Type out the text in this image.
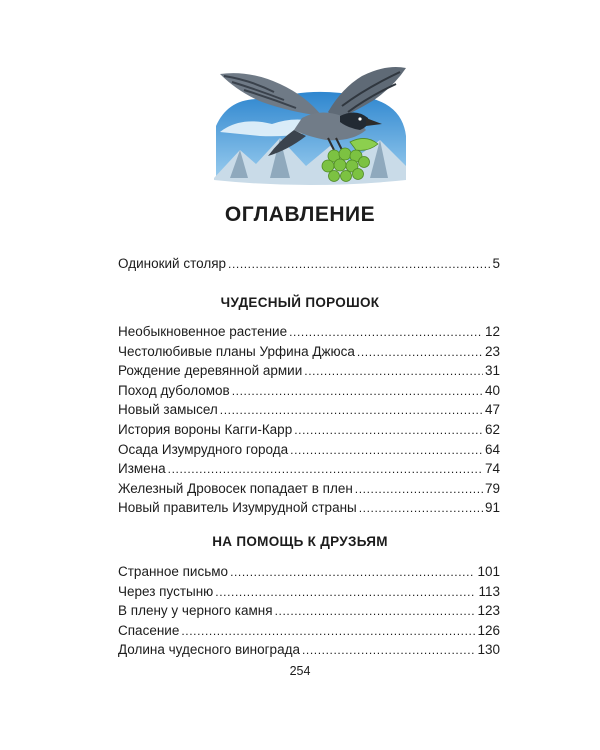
ОГЛАВЛЕНИЕ
Одинокий столяр .....	5
ЧУДЕСНЫЙ ПОРОШОК
Необыкновенное растение .....	12
Честолюбивые планы Урфина Джюса .....	23
Рождение деревянной армии .....	31
Поход дуболомов .....	40
Новый замысел .....	47
История вороны Кагги-Карр .....	62
Осада Изумрудного города .....	64
Измена .....	74
Железный Дровосек попадает в плен .....	79
Новый правитель Изумрудной страны .....	91
НА ПОМОЩЬ К ДРУЗЬЯМ
Странное письмо .....	101
Через пустыню .....	113
В плену у черного камня .....	123
Спасение .....	126
Долина чудесного винограда .....	130
254
